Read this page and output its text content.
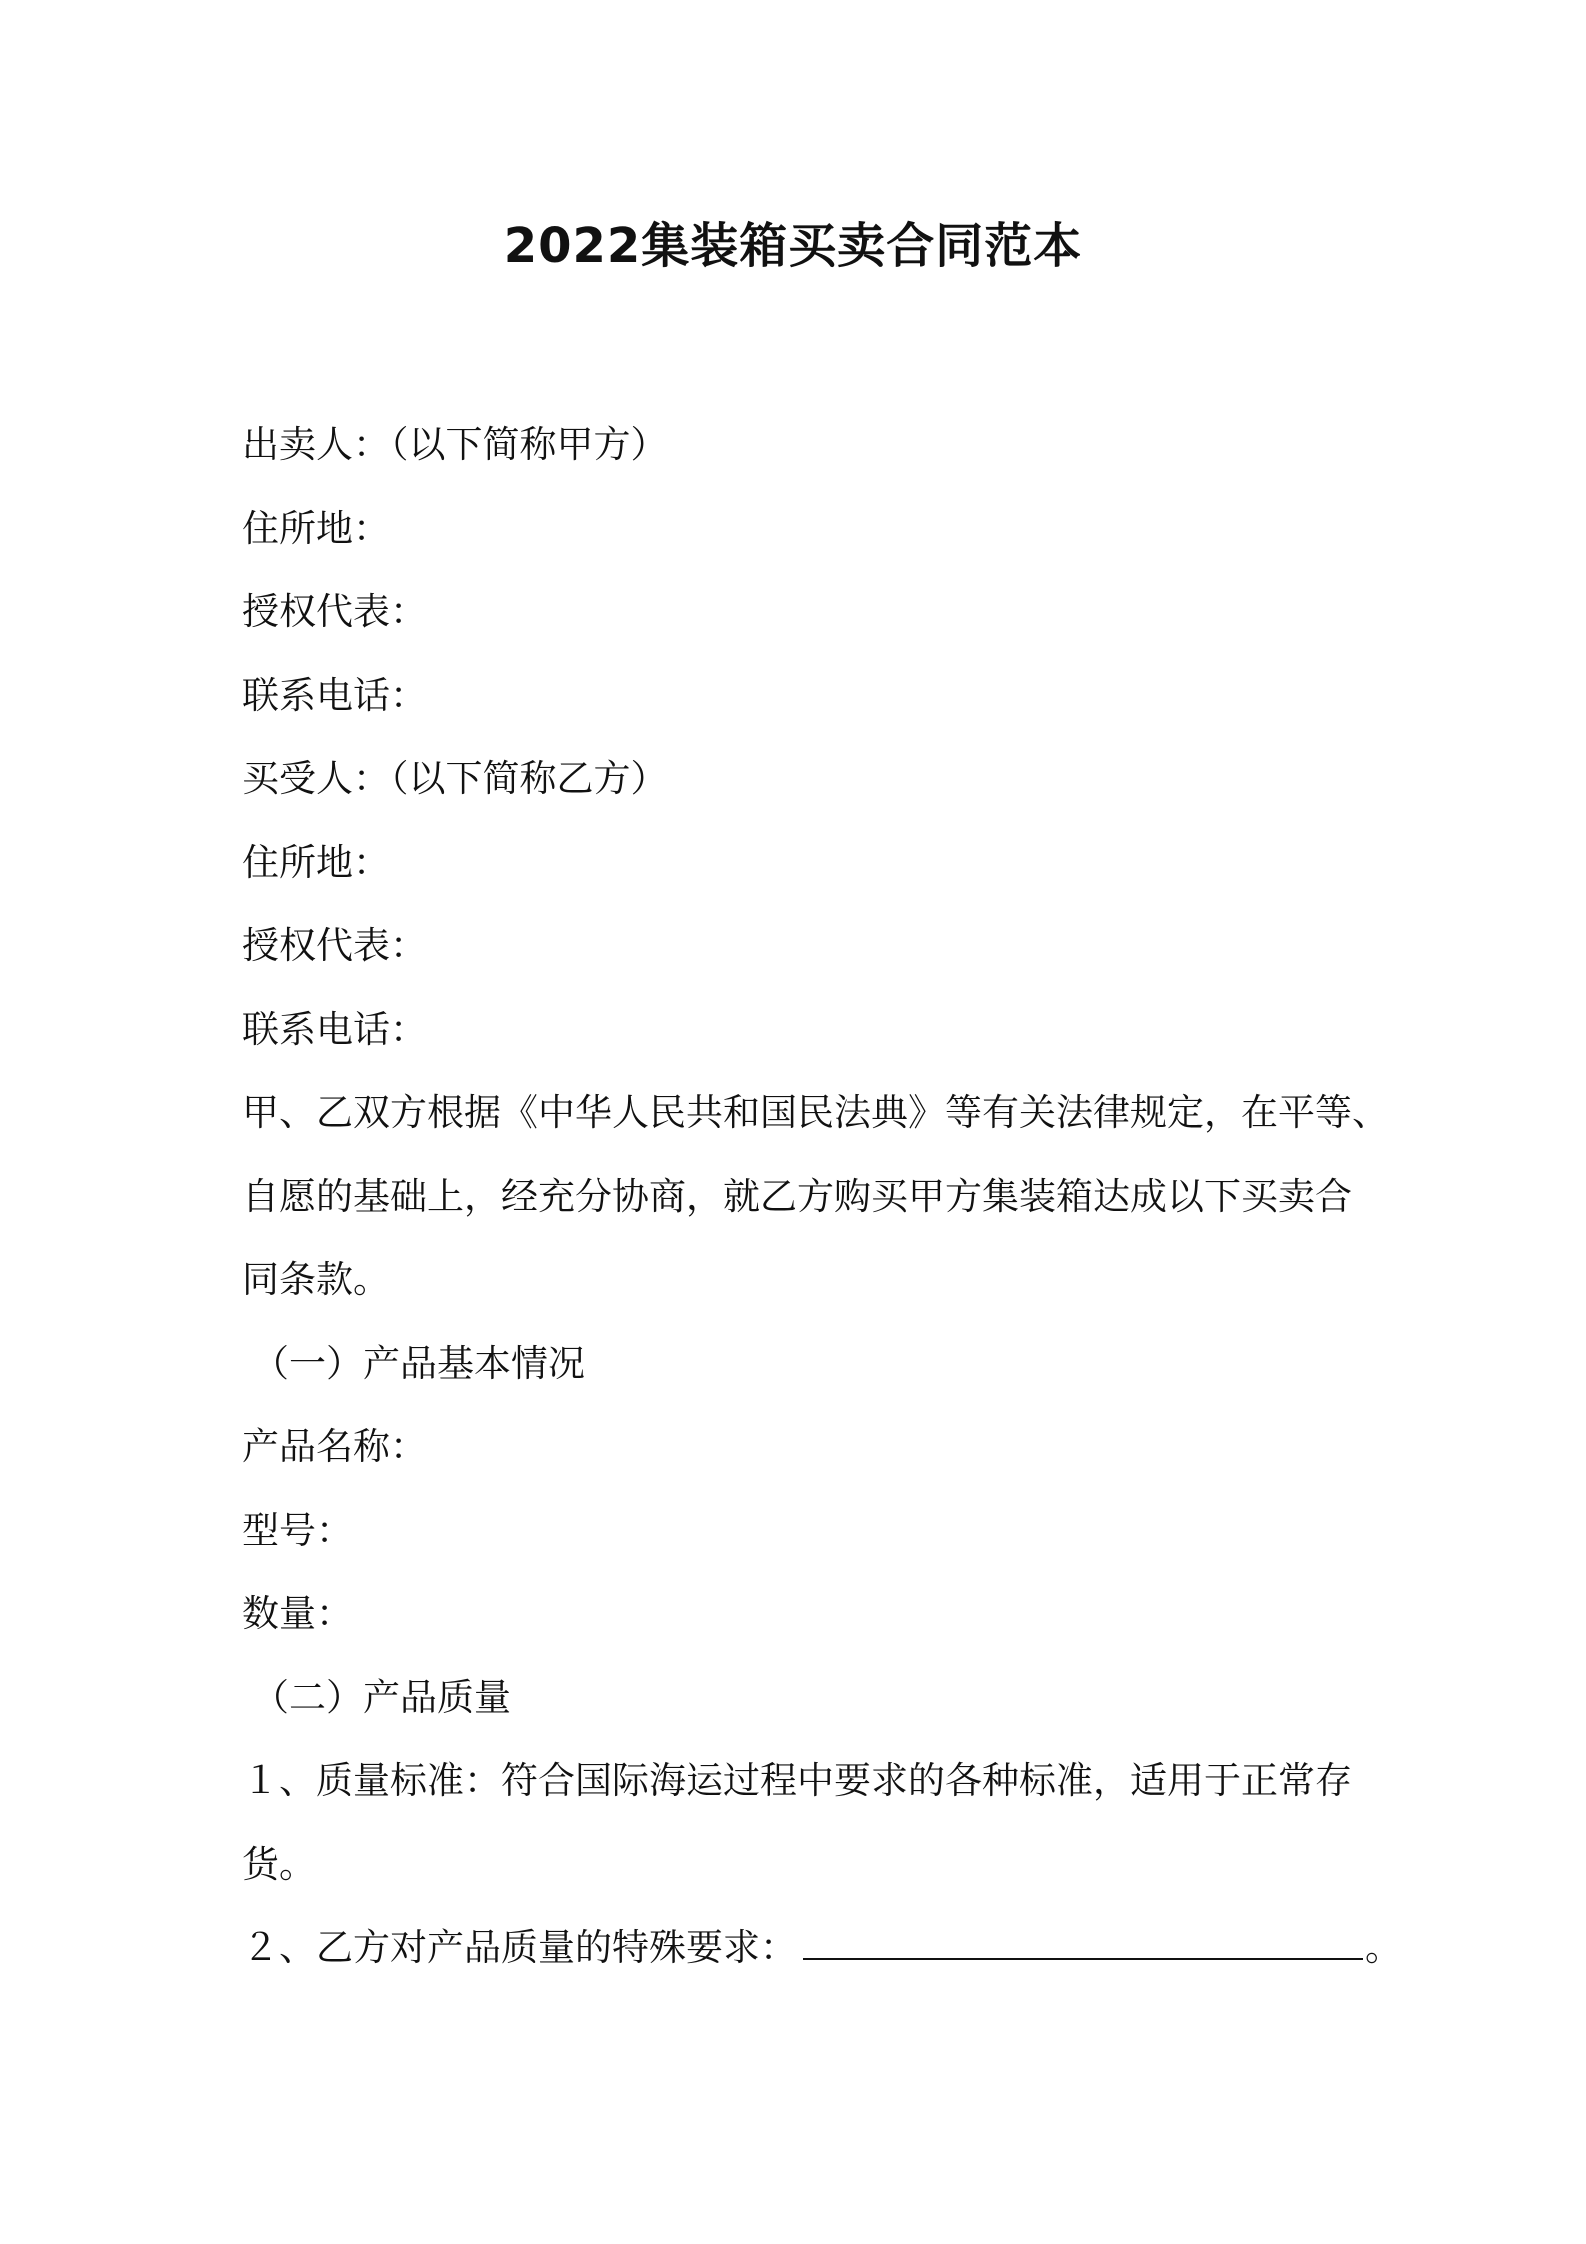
2022集装箱买卖合同范本
出卖人：（以下简称甲方）
住所地：
授权代表：
联系电话：
买受人：（以下简称乙方）
住所地：
授权代表：
联系电话：
甲、乙双方根据《中华人民共和国民法典》等有关法律规定，在平等、
自愿的基础上，经充分协商，就乙方购买甲方集装箱达成以下买卖合
同条款。
（一）产品基本情况
产品名称：
型号：
数量：
（二）产品质量
１、质量标准：符合国际海运过程中要求的各种标准，适用于正常存
货。
２、乙方对产品质量的特殊要求：	。
